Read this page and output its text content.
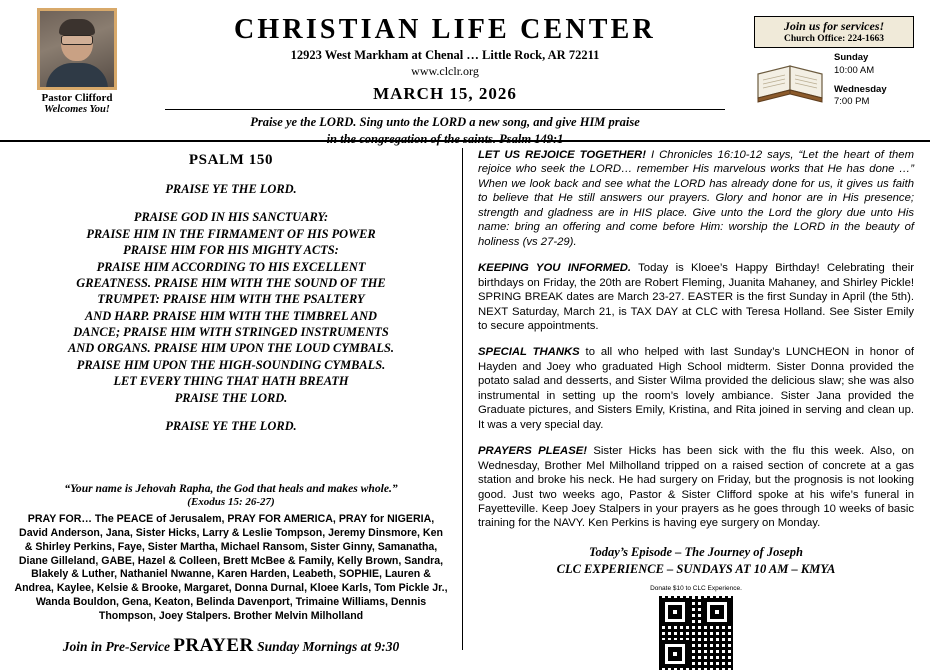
Pastor Clifford
Welcomes You!
CHRISTIAN LIFE CENTER
12923 West Markham at Chenal … Little Rock, AR 72211
www.clclr.org
MARCH 15, 2026
Praise ye the LORD. Sing unto the LORD a new song, and give HIM praise
in the congregation of the saints. Psalm 149:1
Join us for services!
Church Office: 224-1663
Sunday
10:00 AM
Wednesday
7:00 PM
PSALM 150
PRAISE YE THE LORD.
PRAISE GOD IN HIS SANCTUARY:
PRAISE HIM IN THE FIRMAMENT OF HIS POWER
PRAISE HIM FOR HIS MIGHTY ACTS:
PRAISE HIM ACCORDING TO HIS EXCELLENT
GREATNESS. PRAISE HIM WITH THE SOUND OF THE
TRUMPET: PRAISE HIM WITH THE PSALTERY
AND HARP. PRAISE HIM WITH THE TIMBREL AND
DANCE; PRAISE HIM WITH STRINGED INSTRUMENTS
AND ORGANS. PRAISE HIM UPON THE LOUD CYMBALS.
PRAISE HIM UPON THE HIGH-SOUNDING CYMBALS.
LET EVERY THING THAT HATH BREATH
PRAISE THE LORD.
PRAISE YE THE LORD.
“Your name is Jehovah Rapha, the God that heals and makes whole.”
(Exodus 15: 26-27)
PRAY FOR… The PEACE of Jerusalem, PRAY FOR AMERICA, PRAY for NIGERIA, David Anderson, Jana, Sister Hicks, Larry & Leslie Tompson, Jeremy Dinsmore, Ken & Shirley Perkins, Faye, Sister Martha, Michael Ransom, Sister Ginny, Samanatha, Diane Gilleland, GABE, Hazel & Colleen, Brett McBee & Family, Kelly Brown, Sandra, Blakely & Luther, Nathaniel Nwanne, Karen Harden, Leabeth, SOPHIE, Lauren & Andrea, Kaylee, Kelsie & Brooke, Margaret, Donna Durnal, Kloee Karls, Tom Pickle Jr., Wanda Bouldon, Gena, Keaton, Belinda Davenport, Trimaine Williams, Dennis Thompson, Joey Stalpers. Brother Melvin Milholland
Join in Pre-Service PRAYER Sunday Mornings at 9:30

LET US REJOICE TOGETHER! I Chronicles 16:10-12 says, “Let the heart of them rejoice who seek the LORD… remember His marvelous works that He has done …” When we look back and see what the LORD has already done for us, it gives us faith to believe that He still answers our prayers. Glory and honor are in His presence; strength and gladness are in HIS place. Give unto the Lord the glory due unto His name: bring an offering and come before Him: worship the LORD in the beauty of holiness (vs 27-29).

KEEPING YOU INFORMED. Today is Kloee’s Happy Birthday! Celebrating their birthdays on Friday, the 20th are Robert Fleming, Juanita Mahaney, and Shirley Pickle! SPRING BREAK dates are March 23-27. EASTER is the first Sunday in April (the 5th). NEXT Saturday, March 21, is TAX DAY at CLC with Teresa Holland. See Sister Emily to secure appointments.

SPECIAL THANKS to all who helped with last Sunday’s LUNCHEON in honor of Hayden and Joey who graduated High School midterm. Sister Donna provided the potato salad and desserts, and Sister Wilma provided the delicious slaw; she was also instrumental in setting up the room’s lovely ambiance. Sister Jana provided the Graduate pictures, and Sisters Emily, Kristina, and Rita joined in serving and clean up. It was a very special day.

PRAYERS PLEASE! Sister Hicks has been sick with the flu this week. Also, on Wednesday, Brother Mel Milholland tripped on a raised section of concrete at a gas station and broke his neck. He had surgery on Friday, but the prognosis is not looking good. Just two weeks ago, Pastor & Sister Clifford spoke at his wife’s funeral in Fayetteville. Keep Joey Stalpers in your prayers as he goes through 10 weeks of basic training for the NAVY. Ken Perkins is having eye surgery on Monday.

Today’s Episode – The Journey of Joseph
CLC EXPERIENCE – SUNDAYS AT 10 AM – KMYA
Donate $10 to CLC Experience.
